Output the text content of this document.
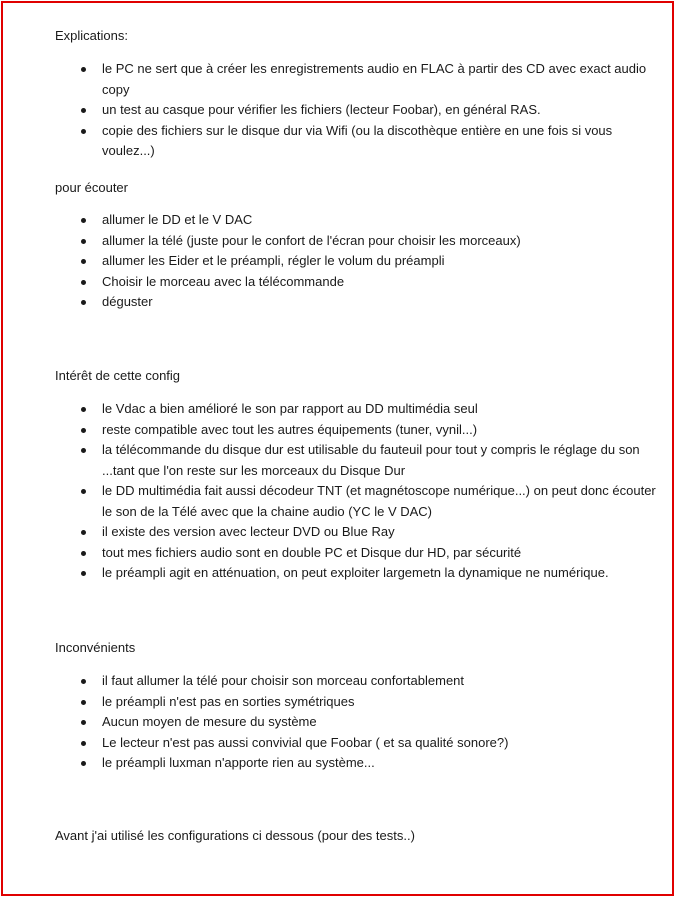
Explications:

le PC ne sert que à créer les enregistrements audio en FLAC à partir des CD avec exact audio copy
un test au casque pour vérifier les fichiers (lecteur Foobar), en général RAS.
copie des fichiers sur le disque dur via Wifi (ou la discothèque entière en une fois si vous voulez...)

pour écouter

allumer le DD et le V DAC
allumer la télé (juste pour le confort de l'écran pour choisir les morceaux)
allumer les Eider et le préampli, régler le volum du préampli
Choisir le morceau avec la télécommande
déguster

Intérêt de cette config

le Vdac a bien amélioré le son par rapport au DD multimédia seul
reste compatible avec tout les autres équipements (tuner, vynil...)
la télécommande du disque dur est utilisable du fauteuil pour tout y compris le réglage du son ...tant que l'on reste sur les morceaux du Disque Dur
le DD multimédia fait aussi décodeur TNT (et magnétoscope numérique...) on peut donc écouter le son de la Télé avec que la chaine audio (YC le V DAC)
il existe des version avec lecteur DVD ou Blue Ray
tout mes fichiers audio sont en double PC et Disque dur HD, par sécurité
le préampli agit en atténuation, on peut exploiter largemetn la dynamique ne numérique.

Inconvénients

il faut allumer la télé pour choisir son morceau confortablement
le préampli n'est pas en sorties symétriques
Aucun moyen de mesure du système
Le lecteur n'est pas aussi convivial que Foobar ( et sa qualité sonore?)
le préampli luxman n'apporte rien au système...

Avant j'ai utilisé les configurations ci dessous (pour des tests..)
